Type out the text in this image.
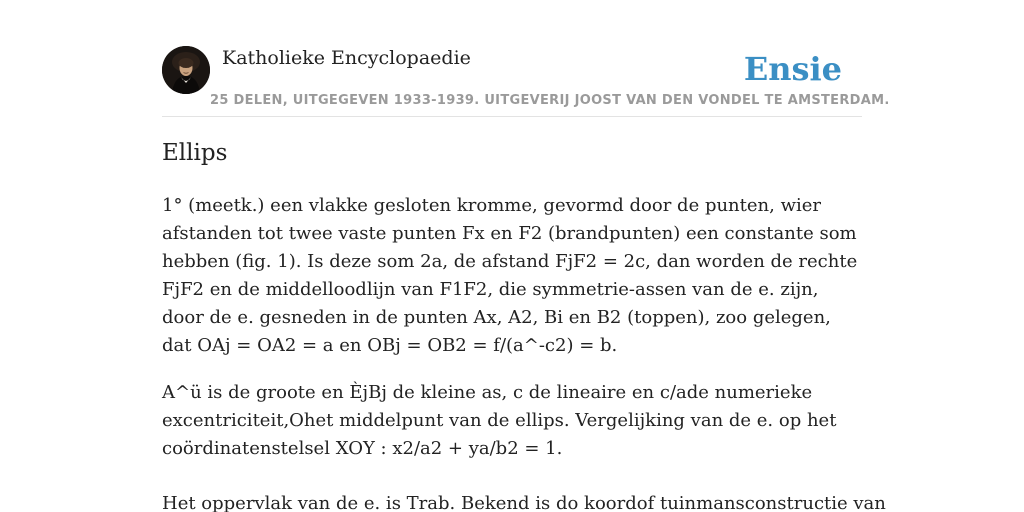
Katholieke Encyclopaedie
25 DELEN, UITGEGEVEN 1933-1939. UITGEVERIJ JOOST VAN DEN VONDEL TE AMSTERDAM.
Ensie
Ellips

1° (meetk.) een vlakke gesloten kromme, gevormd door de punten, wier afstanden tot twee vaste punten Fx en F2 (brandpunten) een constante som hebben (fig. 1). Is deze som 2a, de afstand FjF2 = 2c, dan worden de rechte FjF2 en de middelloodlijn van F1F2, die symmetrie-assen van de e. zijn, door de e. gesneden in de punten Ax, A2, Bi en B2 (toppen), zoo gelegen, dat OAj = OA2 = a en OBj = OB2 = f/(a^-c2) = b.

A^ü is de groote en ÈjBj de kleine as, c de lineaire en c/ade numerieke excentriciteit,Ohet middelpunt van de ellips. Vergelijking van de e. op het coördinatenstelsel XOY : x2/a2 + ya/b2 = 1.

Het oppervlak van de e. is Trab. Bekend is do koordof tuinmansconstructie van
